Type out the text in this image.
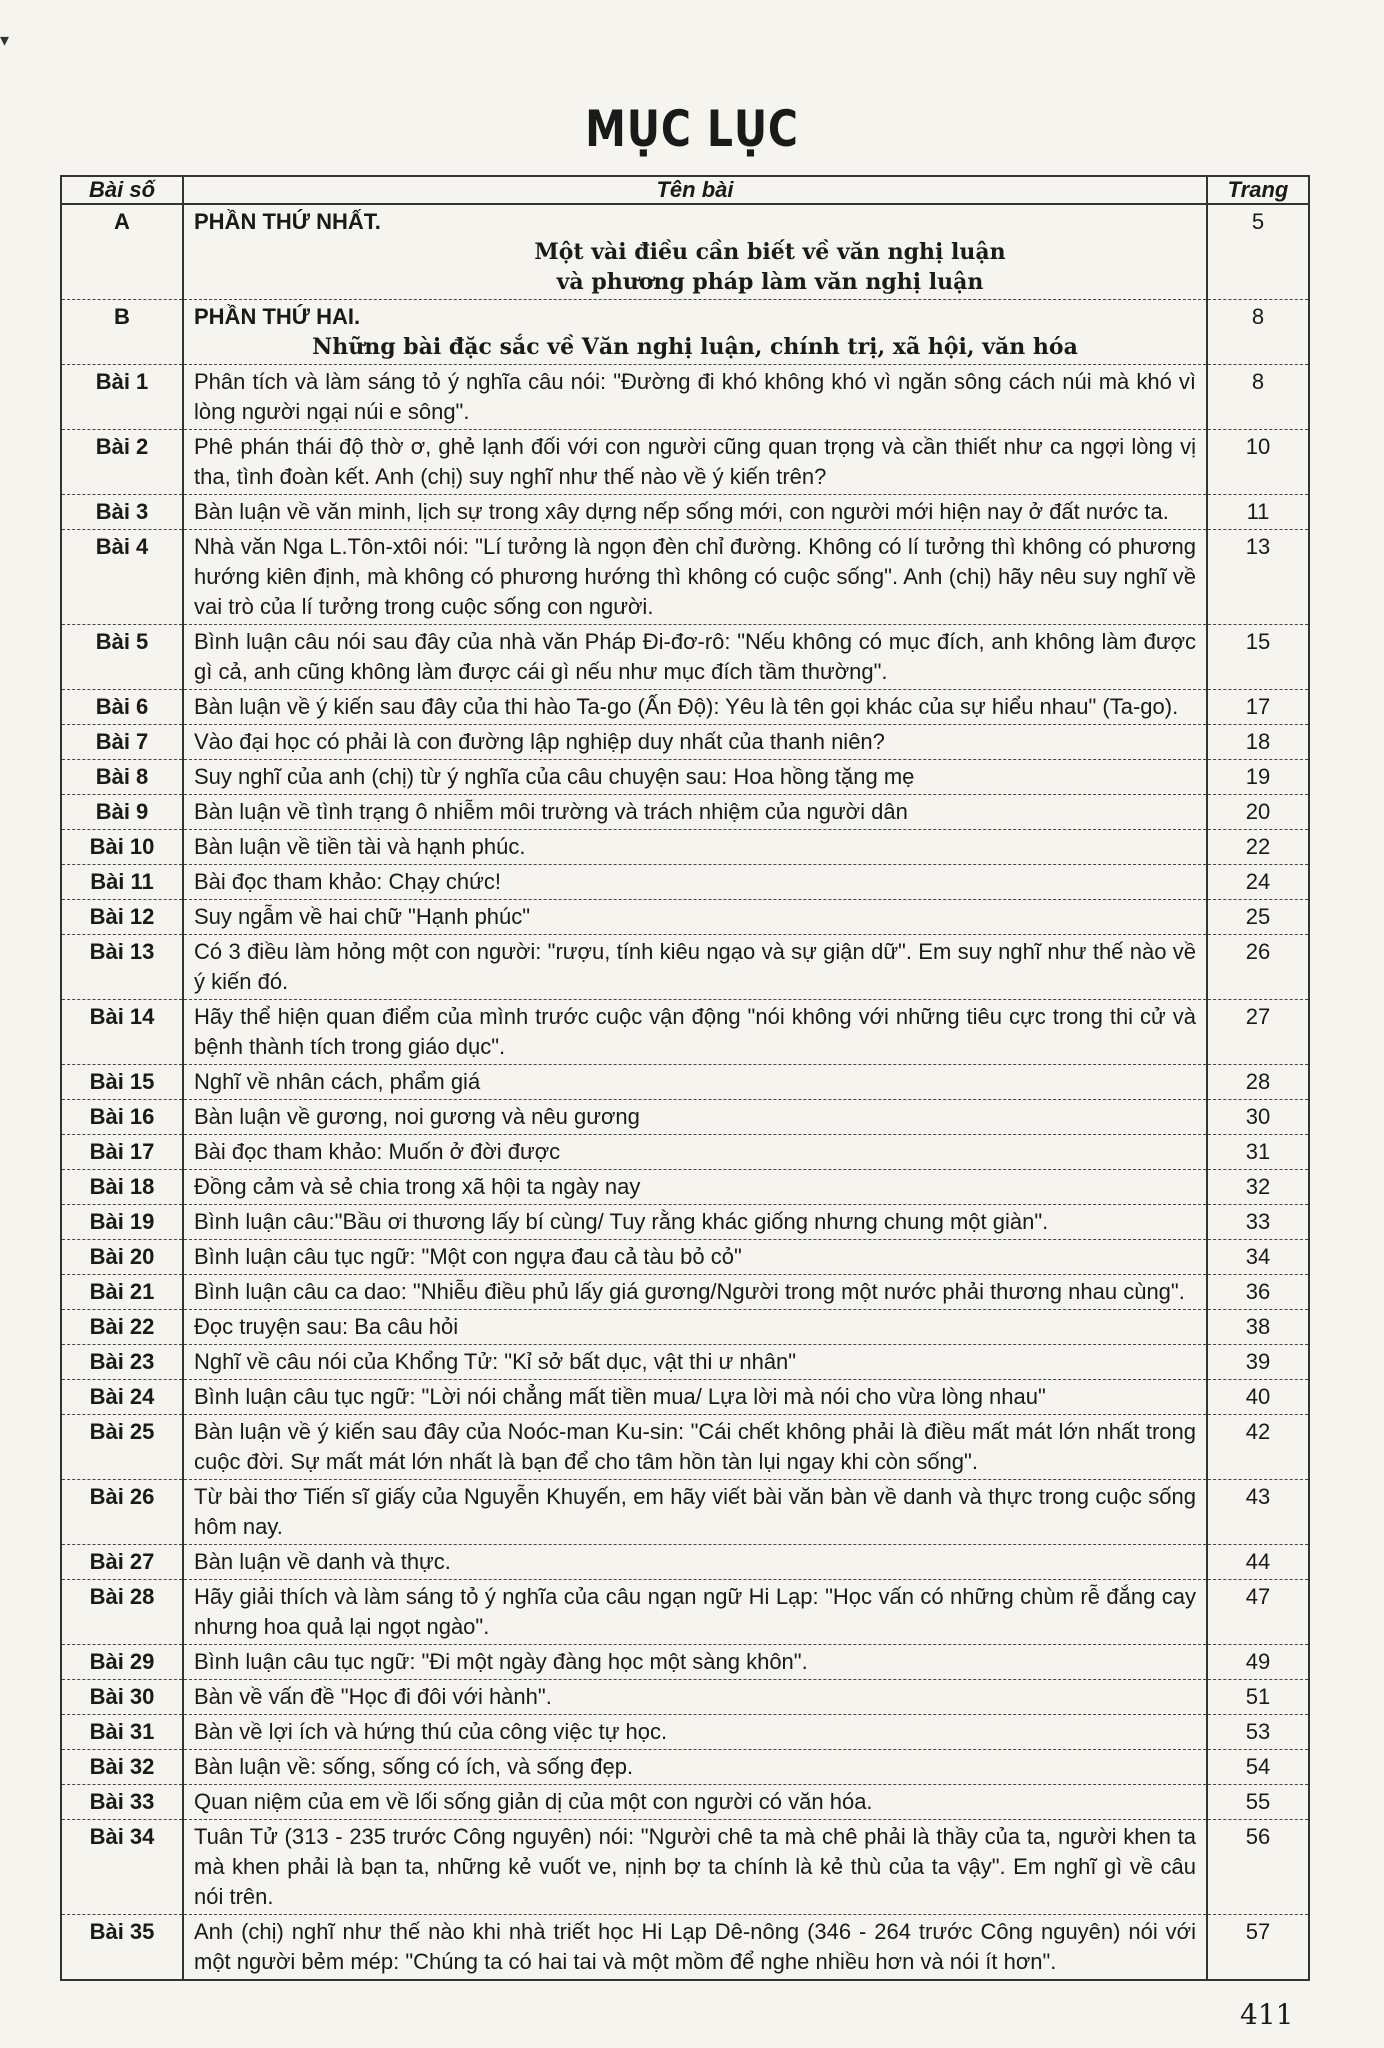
▾
MỤC LỤC
Bài số	Tên bài	Trang
A	PHẦN THỨ NHẤT.
Một vài điều cần biết về văn nghị luận
và phương pháp làm văn nghị luận	5
B	PHẦN THỨ HAI.
Những bài đặc sắc về Văn nghị luận, chính trị, xã hội, văn hóa	8
Bài 1	Phân tích và làm sáng tỏ ý nghĩa câu nói: "Đường đi khó không khó vì ngăn sông cách núi mà khó vì lòng người ngại núi e sông".	8
Bài 2	Phê phán thái độ thờ ơ, ghẻ lạnh đối với con người cũng quan trọng và cần thiết như ca ngợi lòng vị tha, tình đoàn kết. Anh (chị) suy nghĩ như thế nào về ý kiến trên?	10
Bài 3	Bàn luận về văn minh, lịch sự trong xây dựng nếp sống mới, con người mới hiện nay ở đất nước ta.	11
Bài 4	Nhà văn Nga L.Tôn-xtôi nói: "Lí tưởng là ngọn đèn chỉ đường. Không có lí tưởng thì không có phương hướng kiên định, mà không có phương hướng thì không có cuộc sống". Anh (chị) hãy nêu suy nghĩ về vai trò của lí tưởng trong cuộc sống con người.	13
Bài 5	Bình luận câu nói sau đây của nhà văn Pháp Đi-đơ-rô: "Nếu không có mục đích, anh không làm được gì cả, anh cũng không làm được cái gì nếu như mục đích tầm thường".	15
Bài 6	Bàn luận về ý kiến sau đây của thi hào Ta-go (Ấn Độ): Yêu là tên gọi khác của sự hiểu nhau" (Ta-go).	17
Bài 7	Vào đại học có phải là con đường lập nghiệp duy nhất của thanh niên?	18
Bài 8	Suy nghĩ của anh (chị) từ ý nghĩa của câu chuyện sau: Hoa hồng tặng mẹ	19
Bài 9	Bàn luận về tình trạng ô nhiễm môi trường và trách nhiệm của người dân	20
Bài 10	Bàn luận về tiền tài và hạnh phúc.	22
Bài 11	Bài đọc tham khảo: Chạy chức!	24
Bài 12	Suy ngẫm về hai chữ "Hạnh phúc"	25
Bài 13	Có 3 điều làm hỏng một con người: "rượu, tính kiêu ngạo và sự giận dữ". Em suy nghĩ như thế nào về ý kiến đó.	26
Bài 14	Hãy thể hiện quan điểm của mình trước cuộc vận động "nói không với những tiêu cực trong thi cử và bệnh thành tích trong giáo dục".	27
Bài 15	Nghĩ về nhân cách, phẩm giá	28
Bài 16	Bàn luận về gương, noi gương và nêu gương	30
Bài 17	Bài đọc tham khảo: Muốn ở đời được	31
Bài 18	Đồng cảm và sẻ chia trong xã hội ta ngày nay	32
Bài 19	Bình luận câu:"Bầu ơi thương lấy bí cùng/ Tuy rằng khác giống nhưng chung một giàn".	33
Bài 20	Bình luận câu tục ngữ: "Một con ngựa đau cả tàu bỏ cỏ"	34
Bài 21	Bình luận câu ca dao: "Nhiễu điều phủ lấy giá gương/Người trong một nước phải thương nhau cùng".	36
Bài 22	Đọc truyện sau: Ba câu hỏi	38
Bài 23	Nghĩ về câu nói của Khổng Tử: "Kỉ sở bất dục, vật thi ư nhân"	39
Bài 24	Bình luận câu tục ngữ: "Lời nói chẳng mất tiền mua/ Lựa lời mà nói cho vừa lòng nhau"	40
Bài 25	Bàn luận về ý kiến sau đây của Noóc-man Ku-sin: "Cái chết không phải là điều mất mát lớn nhất trong cuộc đời. Sự mất mát lớn nhất là bạn để cho tâm hồn tàn lụi ngay khi còn sống".	42
Bài 26	Từ bài thơ Tiến sĩ giấy của Nguyễn Khuyến, em hãy viết bài văn bàn về danh và thực trong cuộc sống hôm nay.	43
Bài 27	Bàn luận về danh và thực.	44
Bài 28	Hãy giải thích và làm sáng tỏ ý nghĩa của câu ngạn ngữ Hi Lạp: "Học vấn có những chùm rễ đắng cay nhưng hoa quả lại ngọt ngào".	47
Bài 29	Bình luận câu tục ngữ: "Đi một ngày đàng học một sàng khôn".	49
Bài 30	Bàn về vấn đề "Học đi đôi với hành".	51
Bài 31	Bàn về lợi ích và hứng thú của công việc tự học.	53
Bài 32	Bàn luận về: sống, sống có ích, và sống đẹp.	54
Bài 33	Quan niệm của em về lối sống giản dị của một con người có văn hóa.	55
Bài 34	Tuân Tử (313 - 235 trước Công nguyên) nói: "Người chê ta mà chê phải là thầy của ta, người khen ta mà khen phải là bạn ta, những kẻ vuốt ve, nịnh bợ ta chính là kẻ thù của ta vậy". Em nghĩ gì về câu nói trên.	56
Bài 35	Anh (chị) nghĩ như thế nào khi nhà triết học Hi Lạp Dê-nông (346 - 264 trước Công nguyên) nói với một người bẻm mép: "Chúng ta có hai tai và một mồm để nghe nhiều hơn và nói ít hơn".	57
411
